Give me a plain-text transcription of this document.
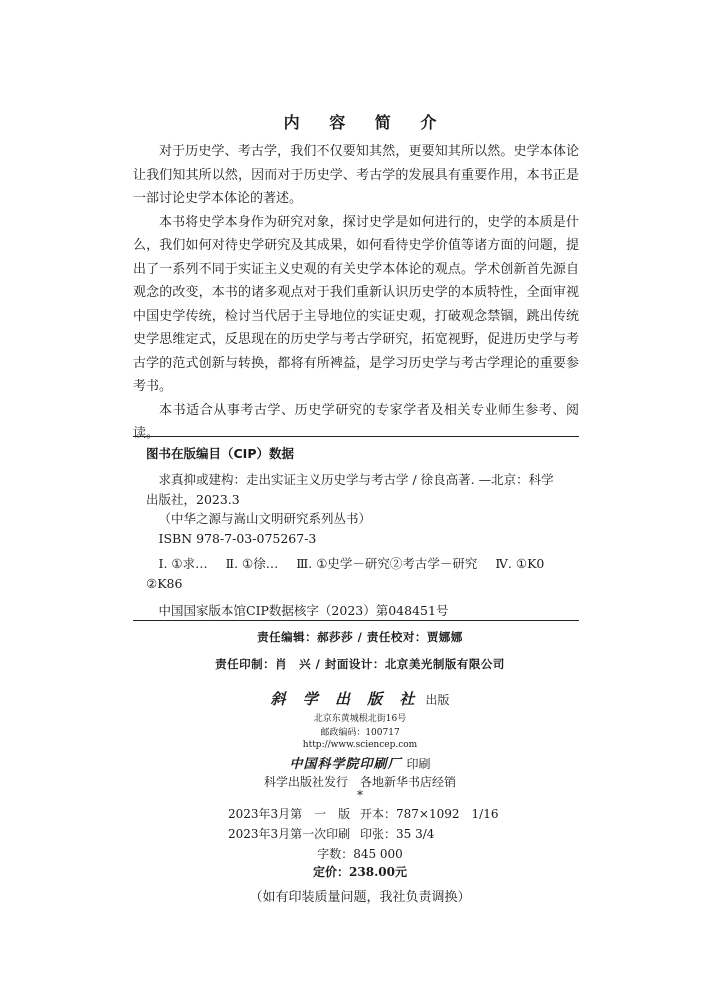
内 容 简 介

对于历史学、考古学，我们不仅要知其然，更要知其所以然。史学本体论让我们知其所以然，因而对于历史学、考古学的发展具有重要作用，本书正是一部讨论史学本体论的著述。

本书将史学本身作为研究对象，探讨史学是如何进行的，史学的本质是什么，我们如何对待史学研究及其成果，如何看待史学价值等诸方面的问题，提出了一系列不同于实证主义史观的有关史学本体论的观点。学术创新首先源自观念的改变，本书的诸多观点对于我们重新认识历史学的本质特性，全面审视中国史学传统，检讨当代居于主导地位的实证史观，打破观念禁锢，跳出传统史学思维定式，反思现在的历史学与考古学研究，拓宽视野，促进历史学与考古学的范式创新与转换，都将有所裨益，是学习历史学与考古学理论的重要参考书。

本书适合从事考古学、历史学研究的专家学者及相关专业师生参考、阅读。

图书在版编目（CIP）数据
求真抑或建构：走出实证主义历史学与考古学 / 徐良高著. —北京：科学
出版社，2023.3
（中华之源与嵩山文明研究系列丛书）
ISBN 978-7-03-075267-3
Ⅰ. ①求… Ⅱ. ①徐… Ⅲ. ①史学－研究②考古学－研究 Ⅳ. ①K0
②K86
中国国家版本馆CIP数据核字（2023）第048451号
责任编辑：郝莎莎 / 责任校对：贾娜娜
责任印制：肖　兴 / 封面设计：北京美光制版有限公司
斜 学 出 版 社 出版
北京东黄城根北街16号
邮政编码：100717
http://www.sciencep.com
中国科学院印刷厂 印刷
科学出版社发行　各地新华书店经销
*
2023年3月第　一　版 开本：787×1092　1/16
2023年3月第一次印刷 印张：35 3/4
字数：845 000
定价：238.00元
（如有印装质量问题，我社负责调换）
